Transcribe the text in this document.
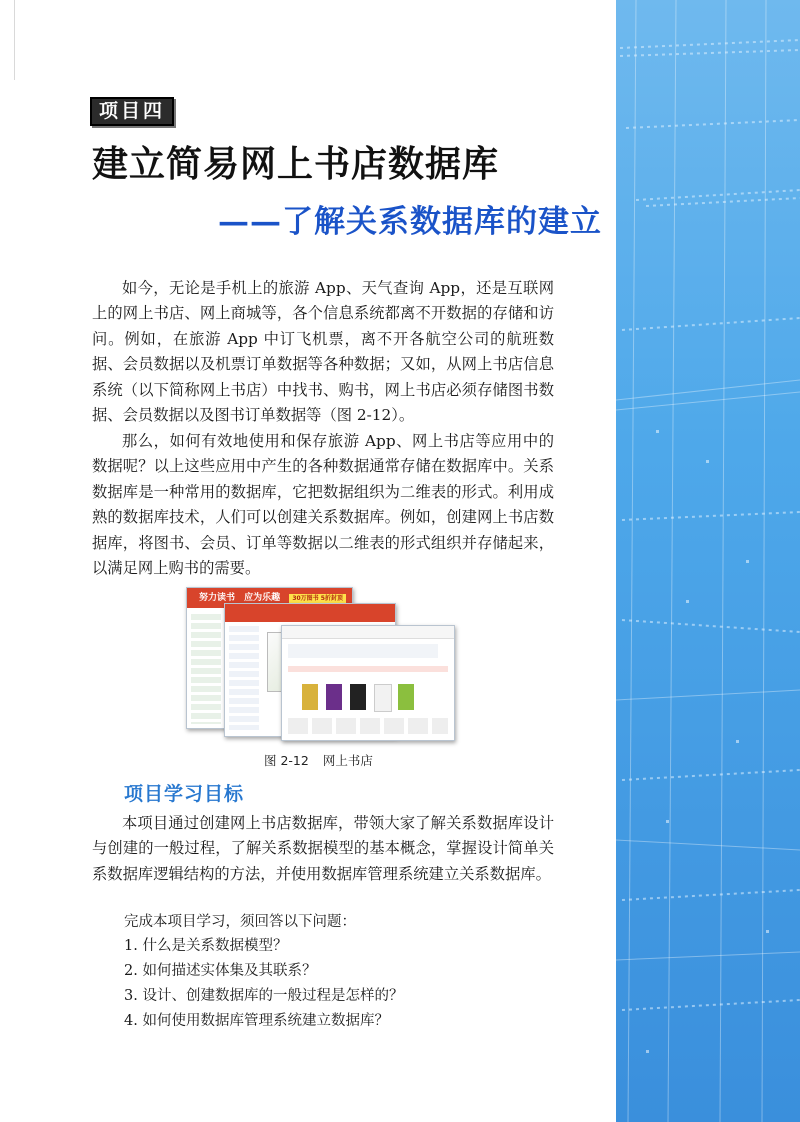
项目四
建立简易网上书店数据库
——了解关系数据库的建立

如今，无论是手机上的旅游 App、天气查询 App，还是互联网上的网上书店、网上商城等，各个信息系统都离不开数据的存储和访问。例如，在旅游 App 中订飞机票，离不开各航空公司的航班数据、会员数据以及机票订单数据等各种数据；又如，从网上书店信息系统（以下简称网上书店）中找书、购书，网上书店必须存储图书数据、会员数据以及图书订单数据等（图 2-12）。

那么，如何有效地使用和保存旅游 App、网上书店等应用中的数据呢？以上这些应用中产生的各种数据通常存储在数据库中。关系数据库是一种常用的数据库，它把数据组织为二维表的形式。利用成熟的数据库技术，人们可以创建关系数据库。例如，创建网上书店数据库，将图书、会员、订单等数据以二维表的形式组织并存储起来，以满足网上购书的需要。

努力读书 应为乐趣 30万图书 5折封顶
图 2-12 网上书店
项目学习目标

本项目通过创建网上书店数据库，带领大家了解关系数据库设计与创建的一般过程，了解关系数据模型的基本概念，掌握设计简单关系数据库逻辑结构的方法，并使用数据库管理系统建立关系数据库。

完成本项目学习，须回答以下问题：
1. 什么是关系数据模型？
2. 如何描述实体集及其联系？
3. 设计、创建数据库的一般过程是怎样的？
4. 如何使用数据库管理系统建立数据库？
